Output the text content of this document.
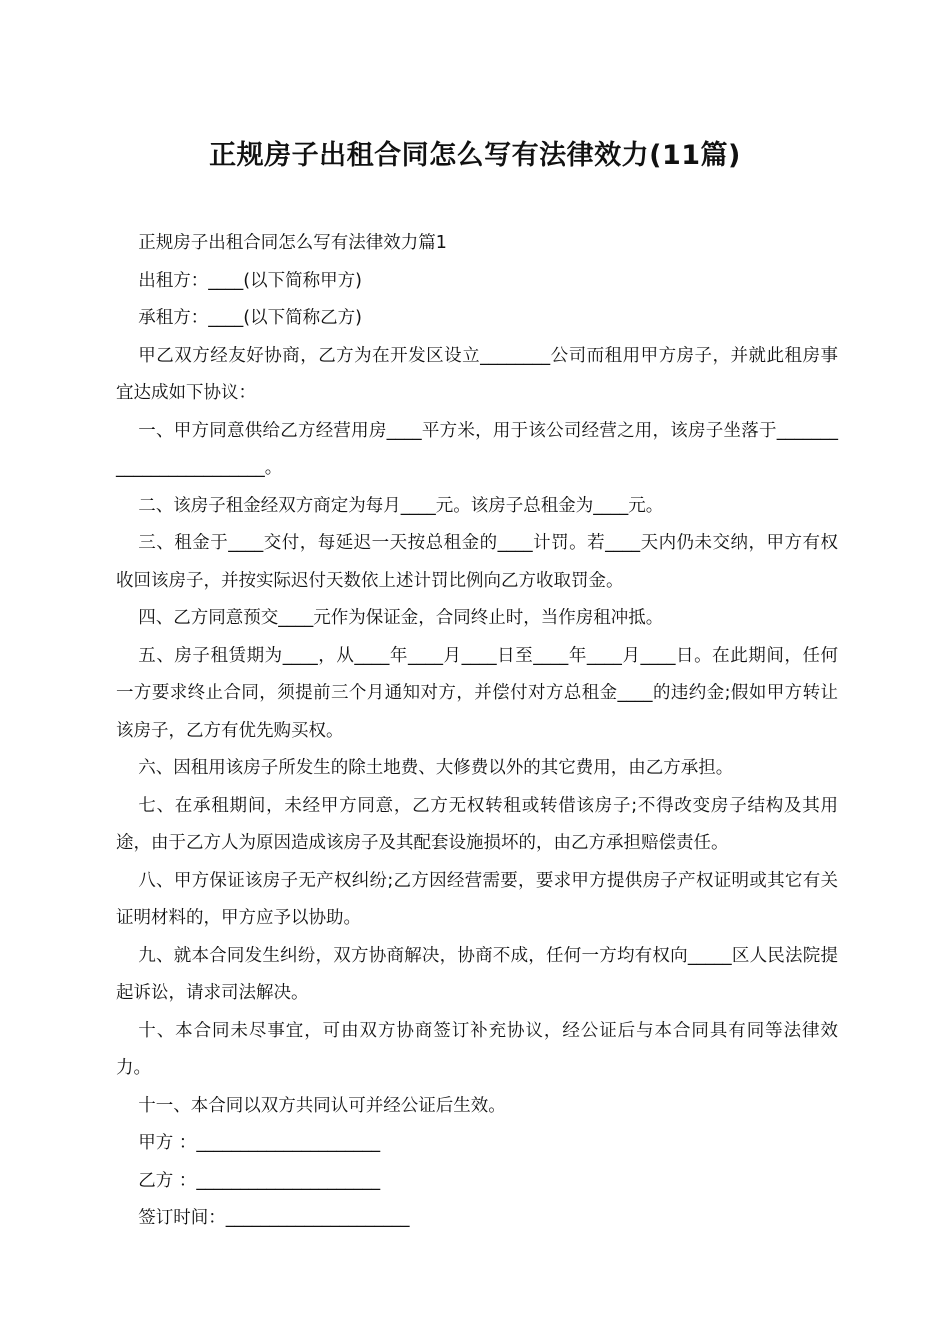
正规房子出租合同怎么写有法律效力(11篇)

正规房子出租合同怎么写有法律效力篇1

出租方：____(以下简称甲方)

承租方：____(以下简称乙方)

甲乙双方经友好协商，乙方为在开发区设立________公司而租用甲方房子，并就此租房事宜达成如下协议：

一、甲方同意供给乙方经营用房____平方米，用于该公司经营之用，该房子坐落于________________________。

二、该房子租金经双方商定为每月____元。该房子总租金为____元。

三、租金于____交付，每延迟一天按总租金的____计罚。若____天内仍未交纳，甲方有权收回该房子，并按实际迟付天数依上述计罚比例向乙方收取罚金。

四、乙方同意预交____元作为保证金，合同终止时，当作房租冲抵。

五、房子租赁期为____，从____年____月____日至____年____月____日。在此期间，任何一方要求终止合同，须提前三个月通知对方，并偿付对方总租金____的违约金;假如甲方转让该房子，乙方有优先购买权。

六、因租用该房子所发生的除土地费、大修费以外的其它费用，由乙方承担。

七、在承租期间，未经甲方同意，乙方无权转租或转借该房子;不得改变房子结构及其用途，由于乙方人为原因造成该房子及其配套设施损坏的，由乙方承担赔偿责任。

八、甲方保证该房子无产权纠纷;乙方因经营需要，要求甲方提供房子产权证明或其它有关证明材料的，甲方应予以协助。

九、就本合同发生纠纷，双方协商解决，协商不成，任何一方均有权向_____区人民法院提起诉讼，请求司法解决。

十、本合同未尽事宜，可由双方协商签订补充协议，经公证后与本合同具有同等法律效力。

十一、本合同以双方共同认可并经公证后生效。

甲方 ：_____________________

乙方 ：_____________________

签订时间：_____________________
